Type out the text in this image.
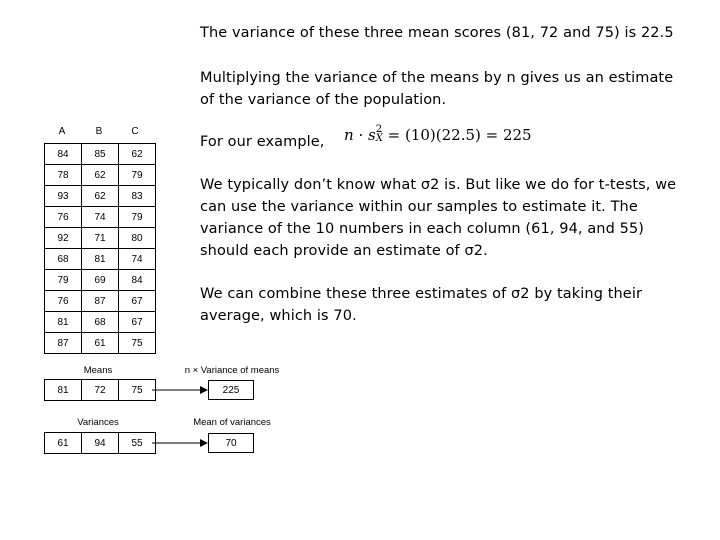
The variance of these three mean scores (81, 72 and 75) is 22.5
Multiplying the variance of the means by n gives us an estimate
of the variance of the population.
For our example, n · s 2
X̄ = (10)(22.5) = 225
We typically don’t know what σ2 is. But like we do for t-tests, we
can use the variance within our samples to estimate it. The
variance of the 10 numbers in each column (61, 94, and 55)
should each provide an estimate of σ2.
We can combine these three estimates of σ2 by taking their
average, which is 70.
A	B	C
84	85	62
78	62	79
93	62	83
76	74	79
92	71	80
68	81	74
79	69	84
76	87	67
81	68	67
87	61	75
Means
81	72	75
Variances
61	94	55
n × Variance of means
225
Mean of variances
70
